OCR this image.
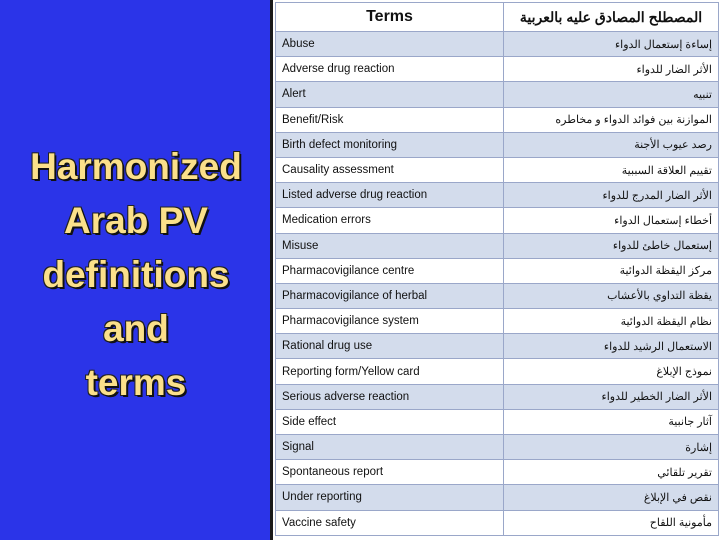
Harmonized
Arab PV
definitions
and
terms
Terms	المصطلح المصادق عليه بالعربية
Abuse	إساءة إستعمال الدواء
Adverse drug reaction	الأثر الضار للدواء
Alert	تنبيه
Benefit/Risk	الموازنة بين فوائد الدواء و مخاطره
Birth defect monitoring	رصد عيوب الأجنة
Causality assessment	تقييم العلاقة السببية
Listed adverse drug reaction	الأثر الضار المدرج للدواء
Medication errors	أخطاء إستعمال الدواء
Misuse	إستعمال خاطئ للدواء
Pharmacovigilance centre	مركز اليقظة الدوائية
Pharmacovigilance of herbal	يقظة التداوي بالأعشاب
Pharmacovigilance system	نظام اليقظة الدوائية
Rational drug use	الاستعمال الرشيد للدواء
Reporting form/Yellow card	نموذج الإبلاغ
Serious adverse reaction	الأثر الضار الخطير للدواء
Side effect	آثار جانبية
Signal	إشارة
Spontaneous report	تقرير تلقائي
Under reporting	نقص في الإبلاغ
Vaccine safety	مأمونية اللقاح
